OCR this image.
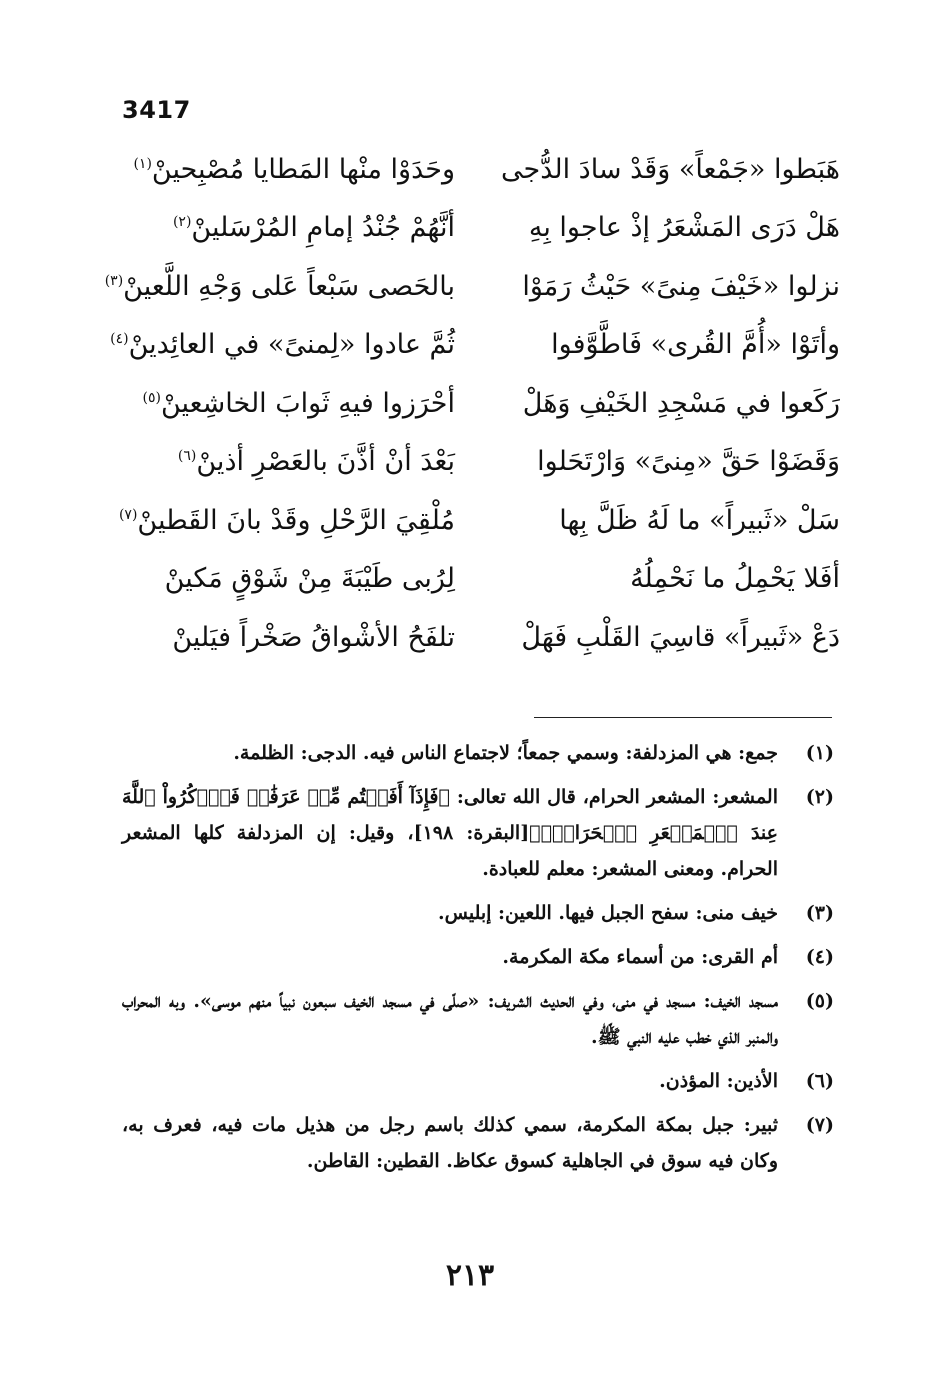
3417
هَبَطوا «جَمْعاً» وَقَدْ سادَ الدُّجى
وحَدَوْا منْها المَطايا مُصْبِحينْ$^{(١)}$
هَلْ دَرَى المَشْعَرُ إذْ عاجوا بِهِ
أنَّهُمْ جُنْدُ إمامِ المُرْسَلينْ$^{(٢)}$
نزلوا «خَيْفَ مِنىً» حَيْثُ رَمَوْا
بالحَصى سَبْعاً عَلى وَجْهِ اللَّعينْ$^{(٣)}$
وأتَوْا «أُمَّ القُرى» فَاطَّوَّفوا
ثُمَّ عادوا «لِمنىً» في العائِدينْ$^{(٤)}$
رَكَعوا في مَسْجِدِ الخَيْفِ وَهَلْ
أحْرَزوا فيهِ ثَوابَ الخاشِعينْ$^{(٥)}$
وَقَضَوْا حَقَّ «مِنىً» وَارْتَحَلوا
بَعْدَ أنْ أذَّنَ بالعَصْرِ أذينْ$^{(٦)}$
سَلْ «ثَبيراً» ما لَهُ ظَلَّ بِها
مُلْقِيَ الرَّحْلِ وقَدْ بانَ القَطينْ$^{(٧)}$
أفَلا يَحْمِلُ ما نَحْمِلُهُ
لِرُبى طَيْبَةَ مِنْ شَوْقٍ مَكينْ
دَعْ «ثَبيراً» قاسِيَ القَلْبِ فَهَلْ
تلفَحُ الأشْواقُ صَخْراً فيَلينْ
(١)
جمع: هي المزدلفة: وسمي جمعاً؛ لاجتماع الناس فيه. الدجى: الظلمة.
(٢)
المشعر: المشعر الحرام، قال الله تعالى: ﴿فَإِذَآ أَفَضۡتُم مِّنۡ عَرَفَٰتٖ فَٱذۡكُرُواْ ٱللَّهَ عِندَ ٱلۡمَشۡعَرِ ٱلۡحَرَامِۖ﴾[البقرة: ١٩٨]، وقيل: إن المزدلفة كلها المشعر الحرام. ومعنى المشعر: معلم للعبادة.
(٣)
خيف منى: سفح الجبل فيها. اللعين: إبليس.
(٤)
أم القرى: من أسماء مكة المكرمة.
(٥)
مسجد الخيف: مسجد في منى، وفي الحديث الشريف: «صلّى في مسجد الخيف سبعون نبياً منهم موسى». وبه المحراب والمنبر الذي خطب عليه النبي ﷺ.
(٦)
الأذين: المؤذن.
(٧)
ثبير: جبل بمكة المكرمة، سمي كذلك باسم رجل من هذيل مات فيه، فعرف به، وكان فيه سوق في الجاهلية كسوق عكاظ. القطين: القاطن.
٢١٣
